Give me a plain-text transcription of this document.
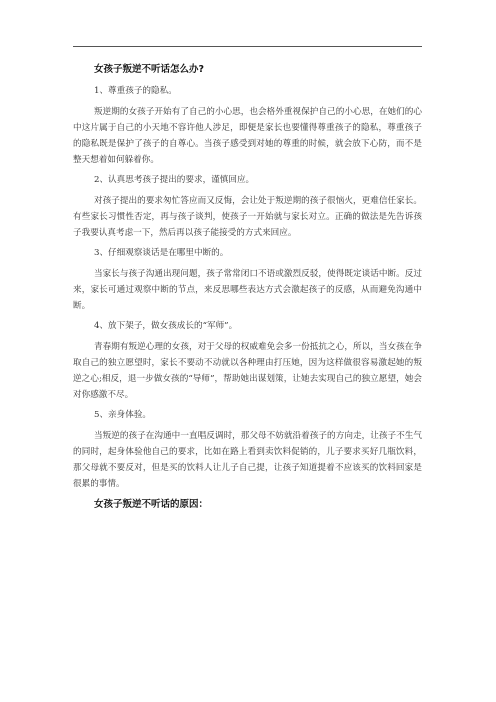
女孩子叛逆不听话怎么办?
1、尊重孩子的隐私。
叛逆期的女孩子开始有了自己的小心思，也会格外重视保护自己的小心思，在她们的心中这片属于自己的小天地不容许他人涉足，即便是家长也要懂得尊重孩子的隐私，尊重孩子的隐私既是保护了孩子的自尊心。当孩子感受到对她的尊重的时候，就会放下心防，而不是整天想着如何躲着你。
2、认真思考孩子提出的要求，谨慎回应。
对孩子提出的要求匆忙答应而又反悔，会让处于叛逆期的孩子很恼火，更难信任家长。有些家长习惯性否定，再与孩子谈判，使孩子一开始就与家长对立。正确的做法是先告诉孩子我要认真考虑一下，然后再以孩子能接受的方式来回应。
3、仔细观察谈话是在哪里中断的。
当家长与孩子沟通出现问题，孩子常常闭口不语或激烈反驳，使得既定谈话中断。反过来，家长可通过观察中断的节点，来反思哪些表达方式会激起孩子的反感，从而避免沟通中断。
4、放下架子，做女孩成长的“军师”。
青春期有叛逆心理的女孩，对于父母的权威难免会多一份抵抗之心，所以，当女孩在争取自己的独立愿望时，家长不要动不动就以各种理由打压她，因为这样做很容易激起她的叛逆之心;相反，退一步做女孩的“导师”，帮助她出谋划策，让她去实现自己的独立愿望，她会对你感激不尽。
5、亲身体验。
当叛逆的孩子在沟通中一直唱反调时，那父母不妨就沿着孩子的方向走，让孩子不生气的同时，起身体验他自己的要求，比如在路上看到卖饮料促销的，儿子要求买好几瓶饮料，那父母就不要反对，但是买的饮料人让儿子自己提，让孩子知道提着不应该买的饮料回家是很累的事情。
女孩子叛逆不听话的原因：
